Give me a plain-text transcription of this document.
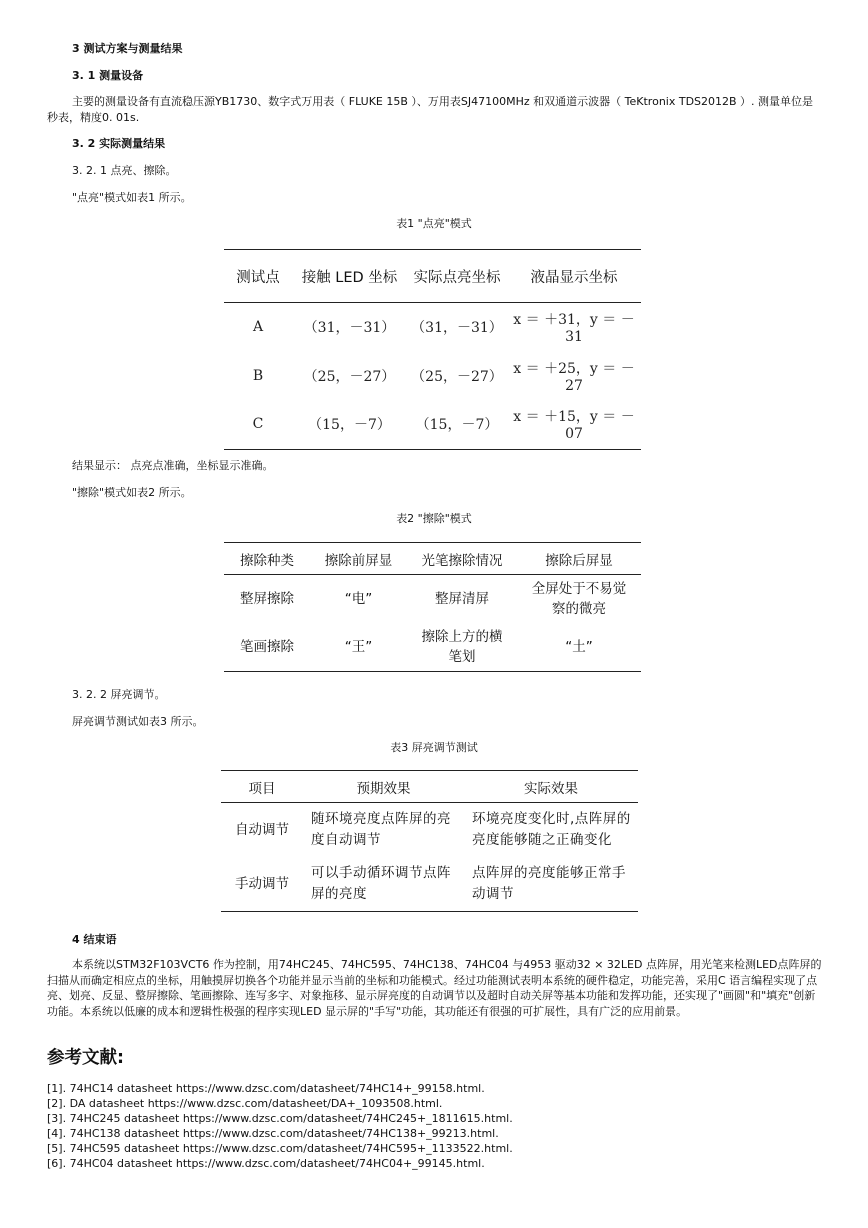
3 测试方案与测量结果
3. 1 测量设备
主要的测量设备有直流稳压源YB1730、数字式万用表（ FLUKE 15B ）、万用表SJ47100MHz 和双通道示波器（ TeKtronix TDS2012B ）. 测量单位是秒表，精度0. 01s.
3. 2 实际测量结果
3. 2. 1 点亮、擦除。
"点亮"模式如表1 所示。
表1 "点亮"模式
测试点	接触 LED 坐标	实际点亮坐标	液晶显示坐标
A	（31，－31）	（31，－31）	x ＝ ＋31，y ＝ －31
B	（25，－27）	（25，－27）	x ＝ ＋25，y ＝ －27
C	（15，－7）	（15，－7）	x ＝ ＋15，y ＝ －07
结果显示： 点亮点准确，坐标显示准确。
"擦除"模式如表2 所示。
表2 "擦除"模式
擦除种类	擦除前屏显	光笔擦除情况	擦除后屏显
整屏擦除	“电”	整屏清屏	全屏处于不易觉察的微亮
笔画擦除	“王”	擦除上方的横笔划	“土”
3. 2. 2 屏亮调节。
屏亮调节测试如表3 所示。
表3 屏亮调节测试
项目	预期效果	实际效果
自动调节	随环境亮度点阵屏的亮度自动调节	环境亮度变化时,点阵屏的亮度能够随之正确变化
手动调节	可以手动循环调节点阵屏的亮度	点阵屏的亮度能够正常手动调节
4 结束语
本系统以STM32F103VCT6 作为控制，用74HC245、74HC595、74HC138、74HC04 与4953 驱动32 × 32LED 点阵屏，用光笔来检测LED点阵屏的扫描从而确定相应点的坐标，用触摸屏切换各个功能并显示当前的坐标和功能模式。经过功能测试表明本系统的硬件稳定，功能完善，采用C 语言编程实现了点亮、划亮、反显、整屏擦除、笔画擦除、连写多字、对象拖移、显示屏亮度的自动调节以及超时自动关屏等基本功能和发挥功能，还实现了"画圆"和"填充"创新功能。本系统以低廉的成本和逻辑性极强的程序实现LED 显示屏的"手写"功能，其功能还有很强的可扩展性，具有广泛的应用前景。
参考文献:
[1]. 74HC14 datasheet https://www.dzsc.com/datasheet/74HC14+_99158.html.
[2]. DA datasheet https://www.dzsc.com/datasheet/DA+_1093508.html.
[3]. 74HC245 datasheet https://www.dzsc.com/datasheet/74HC245+_1811615.html.
[4]. 74HC138 datasheet https://www.dzsc.com/datasheet/74HC138+_99213.html.
[5]. 74HC595 datasheet https://www.dzsc.com/datasheet/74HC595+_1133522.html.
[6]. 74HC04 datasheet https://www.dzsc.com/datasheet/74HC04+_99145.html.
